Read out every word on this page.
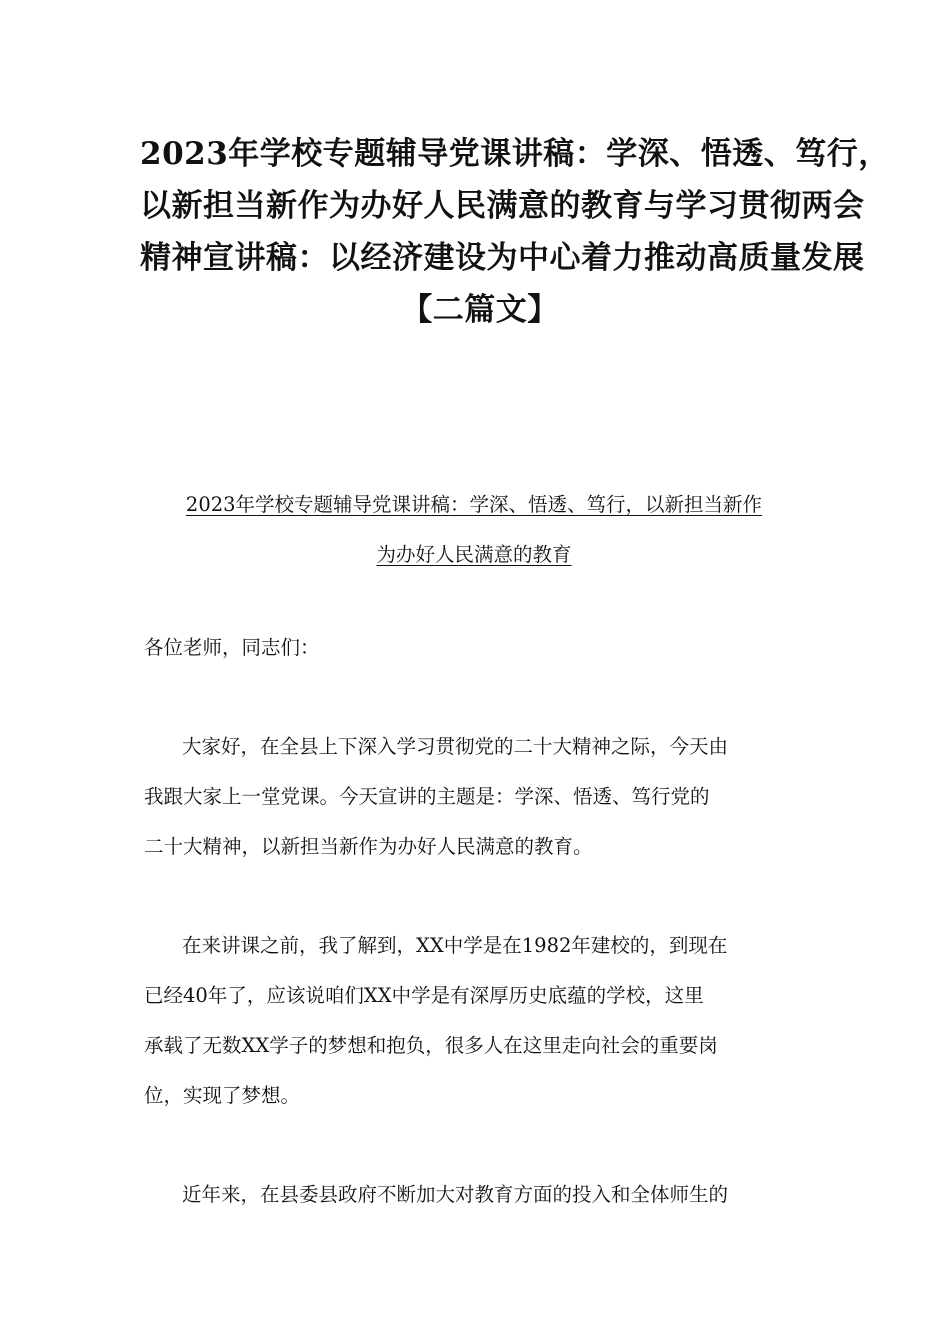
2023年学校专题辅导党课讲稿：学深、悟透、笃行，
以新担当新作为办好人民满意的教育与学习贯彻两会
精神宣讲稿：以经济建设为中心着力推动高质量发展
【二篇文】
2023年学校专题辅导党课讲稿：学深、悟透、笃行，以新担当新作
为办好人民满意的教育
各位老师，同志们：
大家好，在全县上下深入学习贯彻党的二十大精神之际，今天由
我跟大家上一堂党课。今天宣讲的主题是：学深、悟透、笃行党的
二十大精神，以新担当新作为办好人民满意的教育。
在来讲课之前，我了解到，XX中学是在1982年建校的，到现在
已经40年了，应该说咱们XX中学是有深厚历史底蕴的学校，这里
承载了无数XX学子的梦想和抱负，很多人在这里走向社会的重要岗
位，实现了梦想。
近年来，在县委县政府不断加大对教育方面的投入和全体师生的
